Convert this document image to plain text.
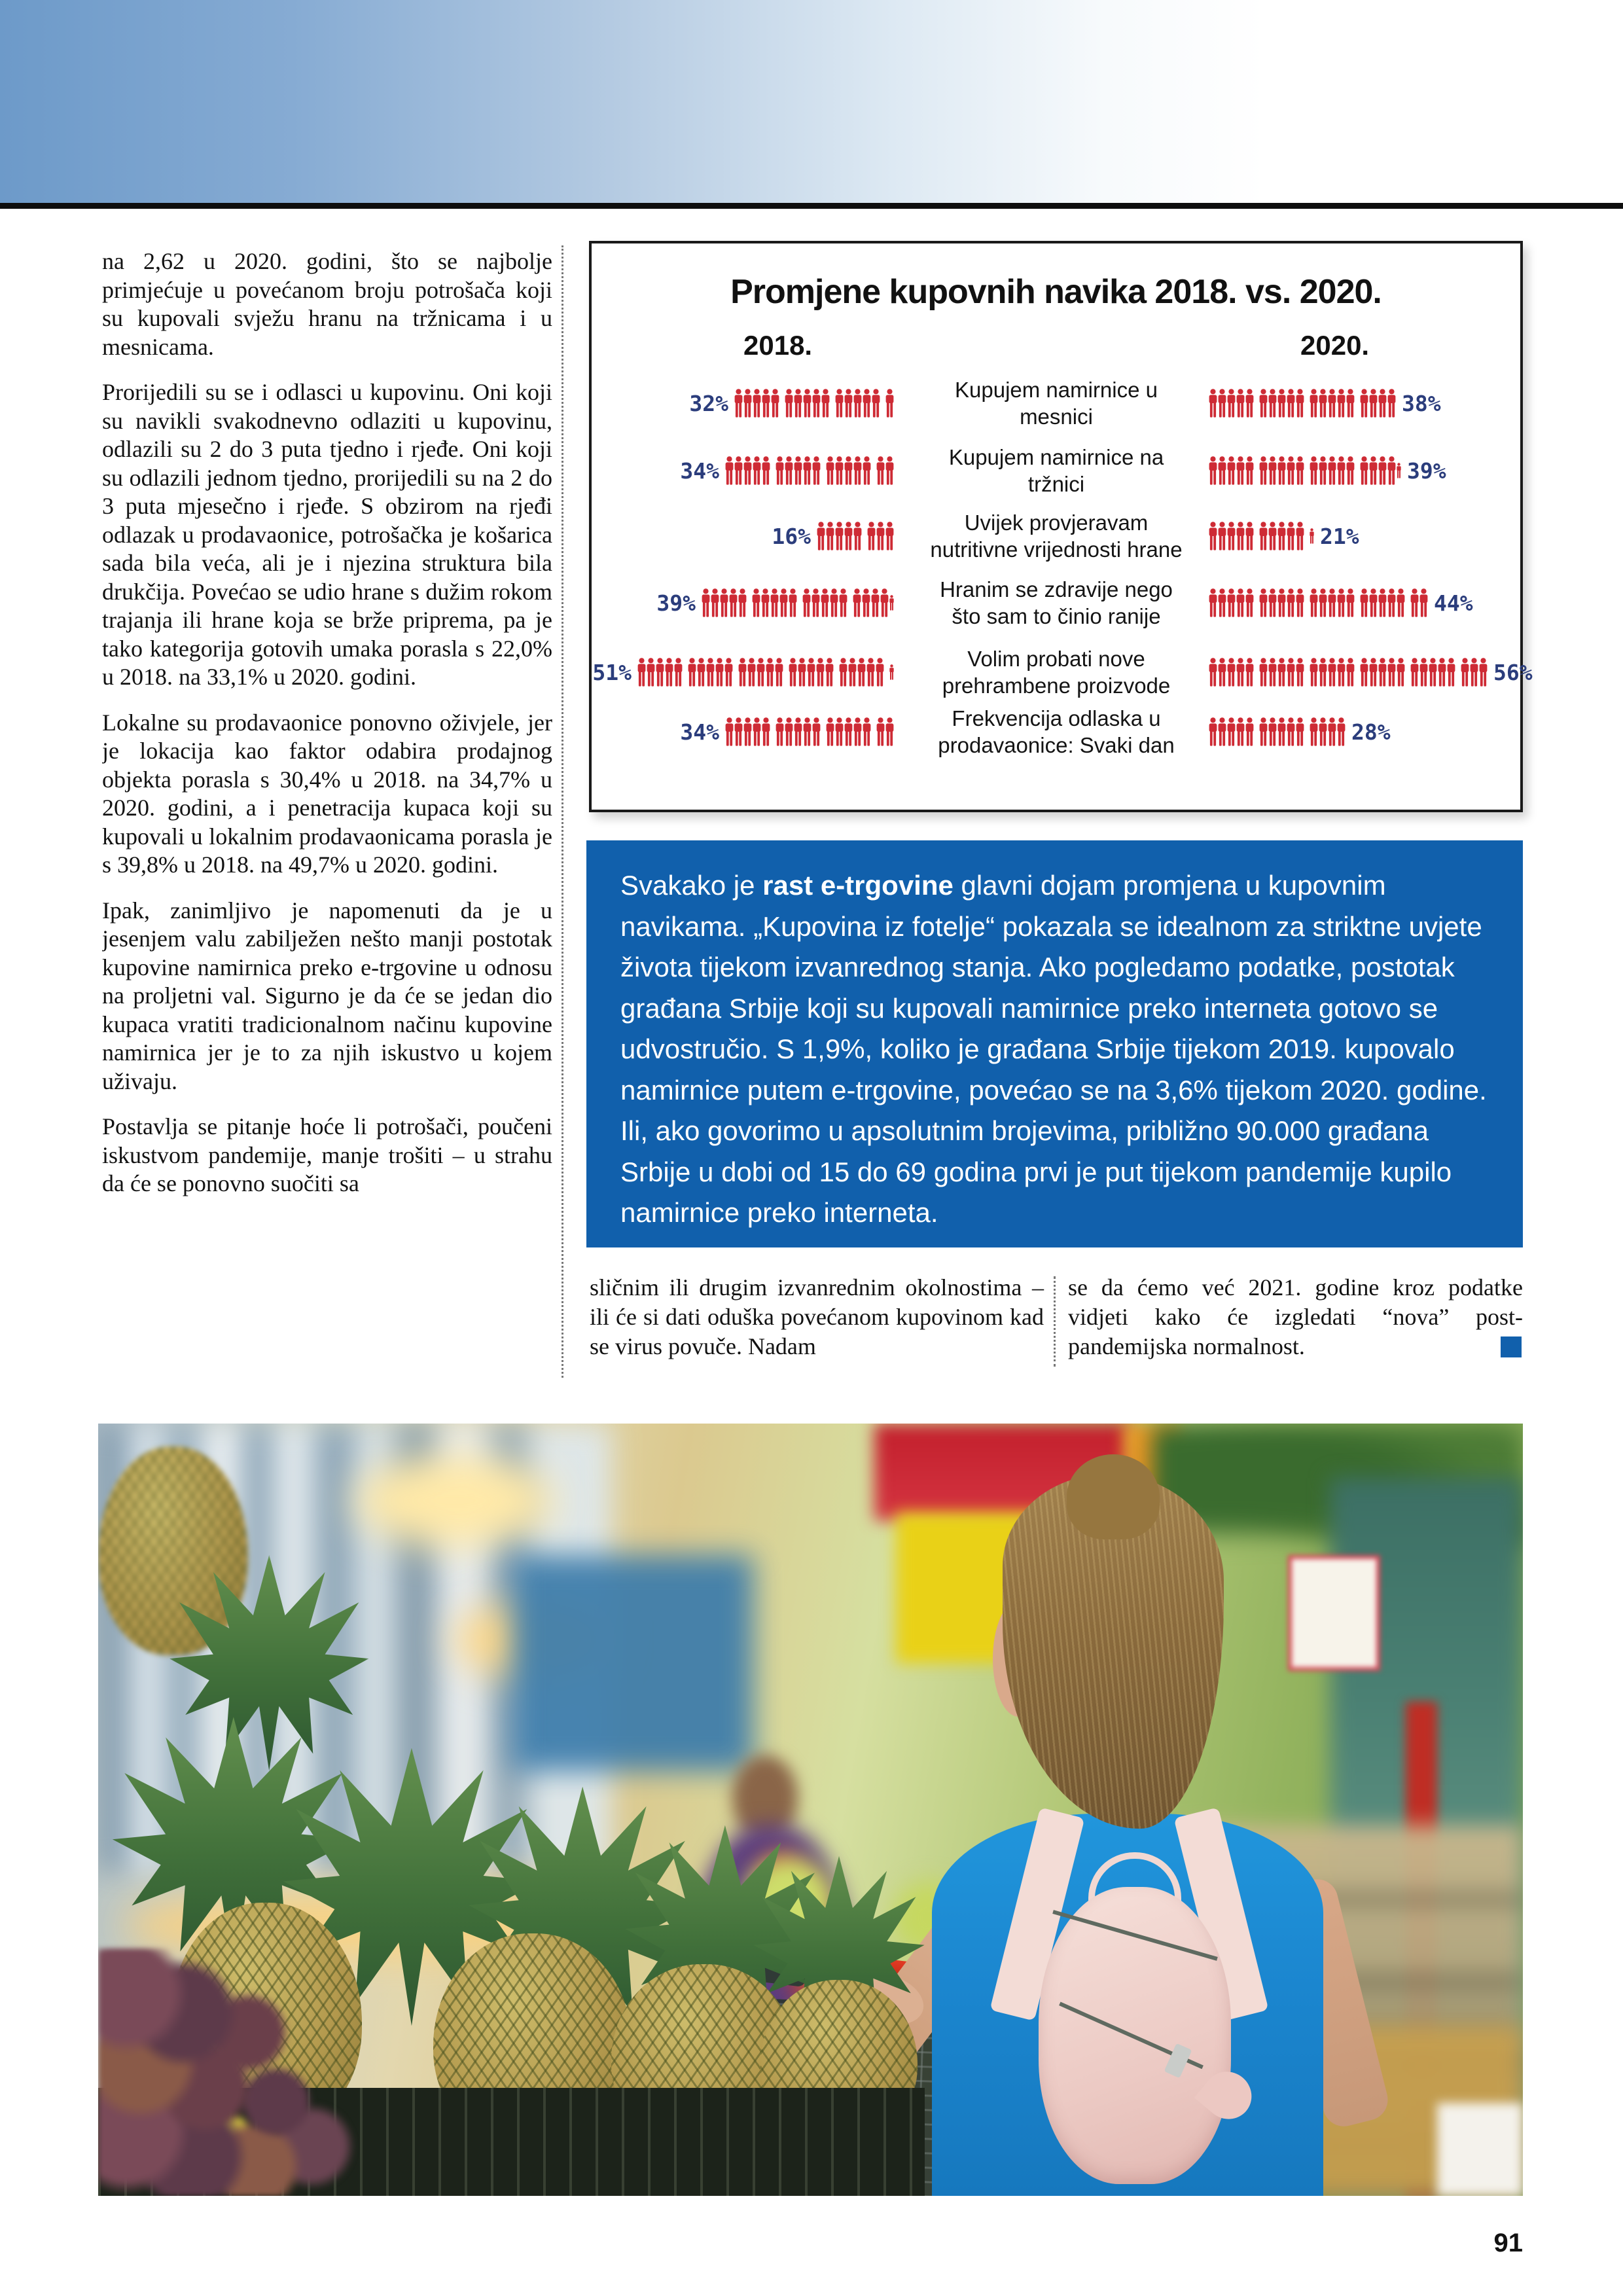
na 2,62 u 2020. godini, što se najbolje primjećuje u povećanom broju potrošača koji su kupovali svježu hranu na tržnicama i u mesnicama.

Prorijedili su se i odlasci u kupovinu. Oni koji su navikli svakodnevno odlaziti u kupovinu, odlazili su 2 do 3 puta tjedno i rjeđe. Oni koji su odlazili jednom tjedno, prorijedili su na 2 do 3 puta mjesečno i rjeđe. S obzirom na rjeđi odlazak u prodavaonice, potrošačka je košarica sada bila veća, ali je i njezina struktura bila drukčija. Povećao se udio hrane s dužim rokom trajanja ili hrane koja se brže priprema, pa je tako kategorija gotovih umaka porasla s 22,0% u 2018. na 33,1% u 2020. godini.

Lokalne su prodavaonice ponovno oživjele, jer je lokacija kao faktor odabira prodajnog objekta porasla s 30,4% u 2018. na 34,7% u 2020. godini, a i penetracija kupaca koji su kupovali u lokalnim prodavaonicama porasla je s 39,8% u 2018. na 49,7% u 2020. godini.

Ipak, zanimljivo je napomenuti da je u jesenjem valu zabilježen nešto manji postotak kupovine namirnica preko e-trgovine u odnosu na proljetni val. Sigurno je da će se jedan dio kupaca vratiti tradicionalnom načinu kupovine namirnica jer je to za njih iskustvo u kojem uživaju.

Postavlja se pitanje hoće li potrošači, poučeni iskustvom pandemije, manje trošiti – u strahu da će se ponovno suočiti sa

Promjene kupovnih navika 2018. vs. 2020.
2018.	2020.
32%
Kupujem namirnice u mesnici
38%
34%
Kupujem namirnice na tržnici
39%
16%
Uvijek provjeravam nutritivne vrijednosti hrane
21%
39%
Hranim se zdravije nego što sam to činio ranije
44%
51%
Volim probati nove prehrambene proizvode
56%
34%
Frekvencija odlaska u prodavaonice: Svaki dan
28%
Svakako je rast e-trgovine glavni dojam promjena u kupovnim navikama. „Kupovina iz fotelje“ pokazala se idealnom za striktne uvjete života tijekom izvanrednog stanja. Ako pogledamo podatke, postotak građana Srbije koji su kupovali namirnice preko interneta gotovo se udvostručio. S 1,9%, koliko je građana Srbije tijekom 2019. kupovalo namirnice putem e-trgovine, povećao se na 3,6% tijekom 2020. godine. Ili, ako govorimo u apsolutnim brojevima, približno 90.000 građana Srbije u dobi od 15 do 69 godina prvi je put tijekom pandemije kupilo namirnice preko interneta.
sličnim ili drugim izvanrednim okolnostima – ili će si dati oduška povećanom kupovinom kad se virus povuče. Nadam
se da ćemo već 2021. godine kroz podatke vidjeti kako će izgledati “nova” post-pandemijska normalnost.
91
